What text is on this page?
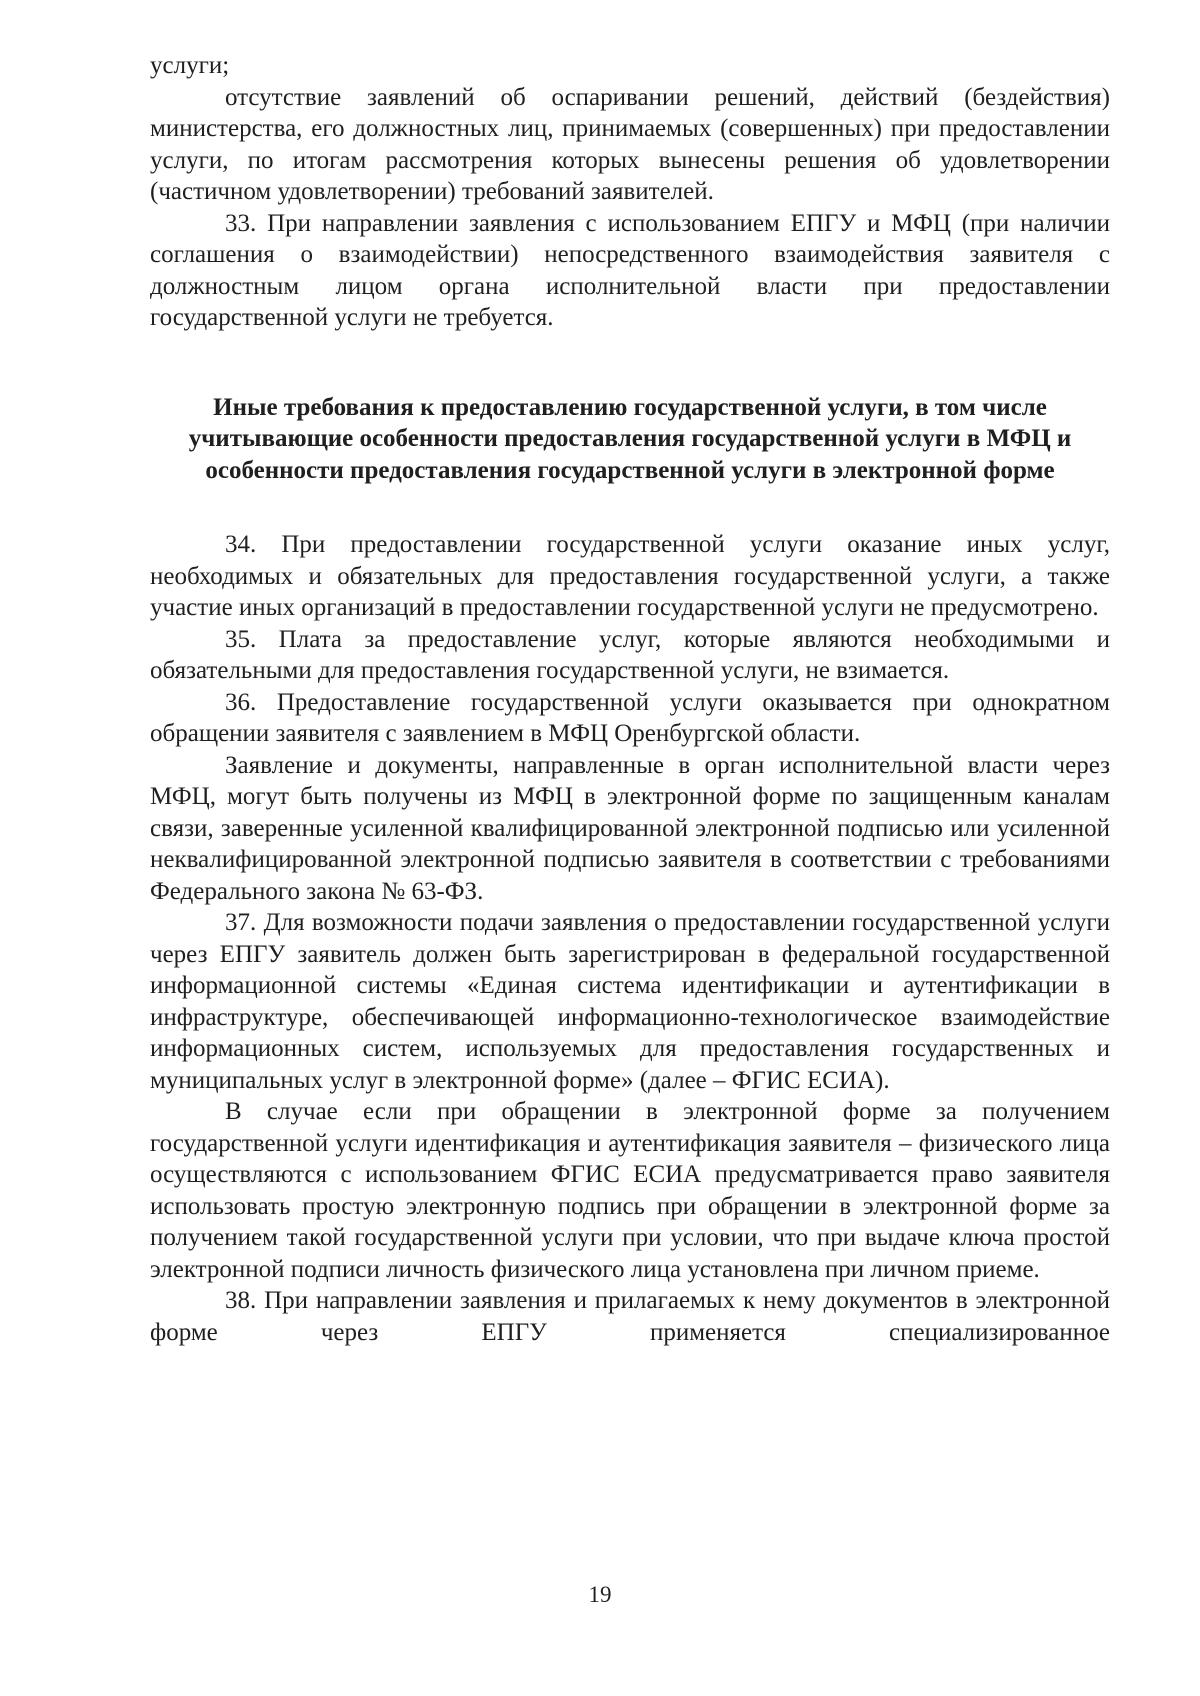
услуги;

отсутствие заявлений об оспаривании решений, действий (бездействия) министерства, его должностных лиц, принимаемых (совершенных) при предоставлении услуги, по итогам рассмотрения которых вынесены решения об удовлетворении (частичном удовлетворении) требований заявителей.

33. При направлении заявления с использованием ЕПГУ и МФЦ (при наличии соглашения о взаимодействии) непосредственного взаимодействия заявителя с должностным лицом органа исполнительной власти при предоставлении государственной услуги не требуется.

Иные требования к предоставлению государственной услуги, в том числе учитывающие особенности предоставления государственной услуги в МФЦ и особенности предоставления государственной услуги в электронной форме

34. При предоставлении государственной услуги оказание иных услуг, необходимых и обязательных для предоставления государственной услуги, а также участие иных организаций в предоставлении государственной услуги не предусмотрено.

35. Плата за предоставление услуг, которые являются необходимыми и обязательными для предоставления государственной услуги, не взимается.

36. Предоставление государственной услуги оказывается при однократном обращении заявителя с заявлением в МФЦ Оренбургской области.

Заявление и документы, направленные в орган исполнительной власти через МФЦ, могут быть получены из МФЦ в электронной форме по защищенным каналам связи, заверенные усиленной квалифицированной электронной подписью или усиленной неквалифицированной электронной подписью заявителя в соответствии с требованиями Федерального закона № 63-ФЗ.

37. Для возможности подачи заявления о предоставлении государственной услуги через ЕПГУ заявитель должен быть зарегистрирован в федеральной государственной информационной системы «Единая система идентификации и аутентификации в инфраструктуре, обеспечивающей информационно-технологическое взаимодействие информационных систем, используемых для предоставления государственных и муниципальных услуг в электронной форме» (далее – ФГИС ЕСИА).

В случае если при обращении в электронной форме за получением государственной услуги идентификация и аутентификация заявителя – физического лица осуществляются с использованием ФГИС ЕСИА предусматривается право заявителя использовать простую электронную подпись при обращении в электронной форме за получением такой государственной услуги при условии, что при выдаче ключа простой электронной подписи личность физического лица установлена при личном приеме.

38. При направлении заявления и прилагаемых к нему документов в электронной форме через ЕПГУ применяется специализированное

19
